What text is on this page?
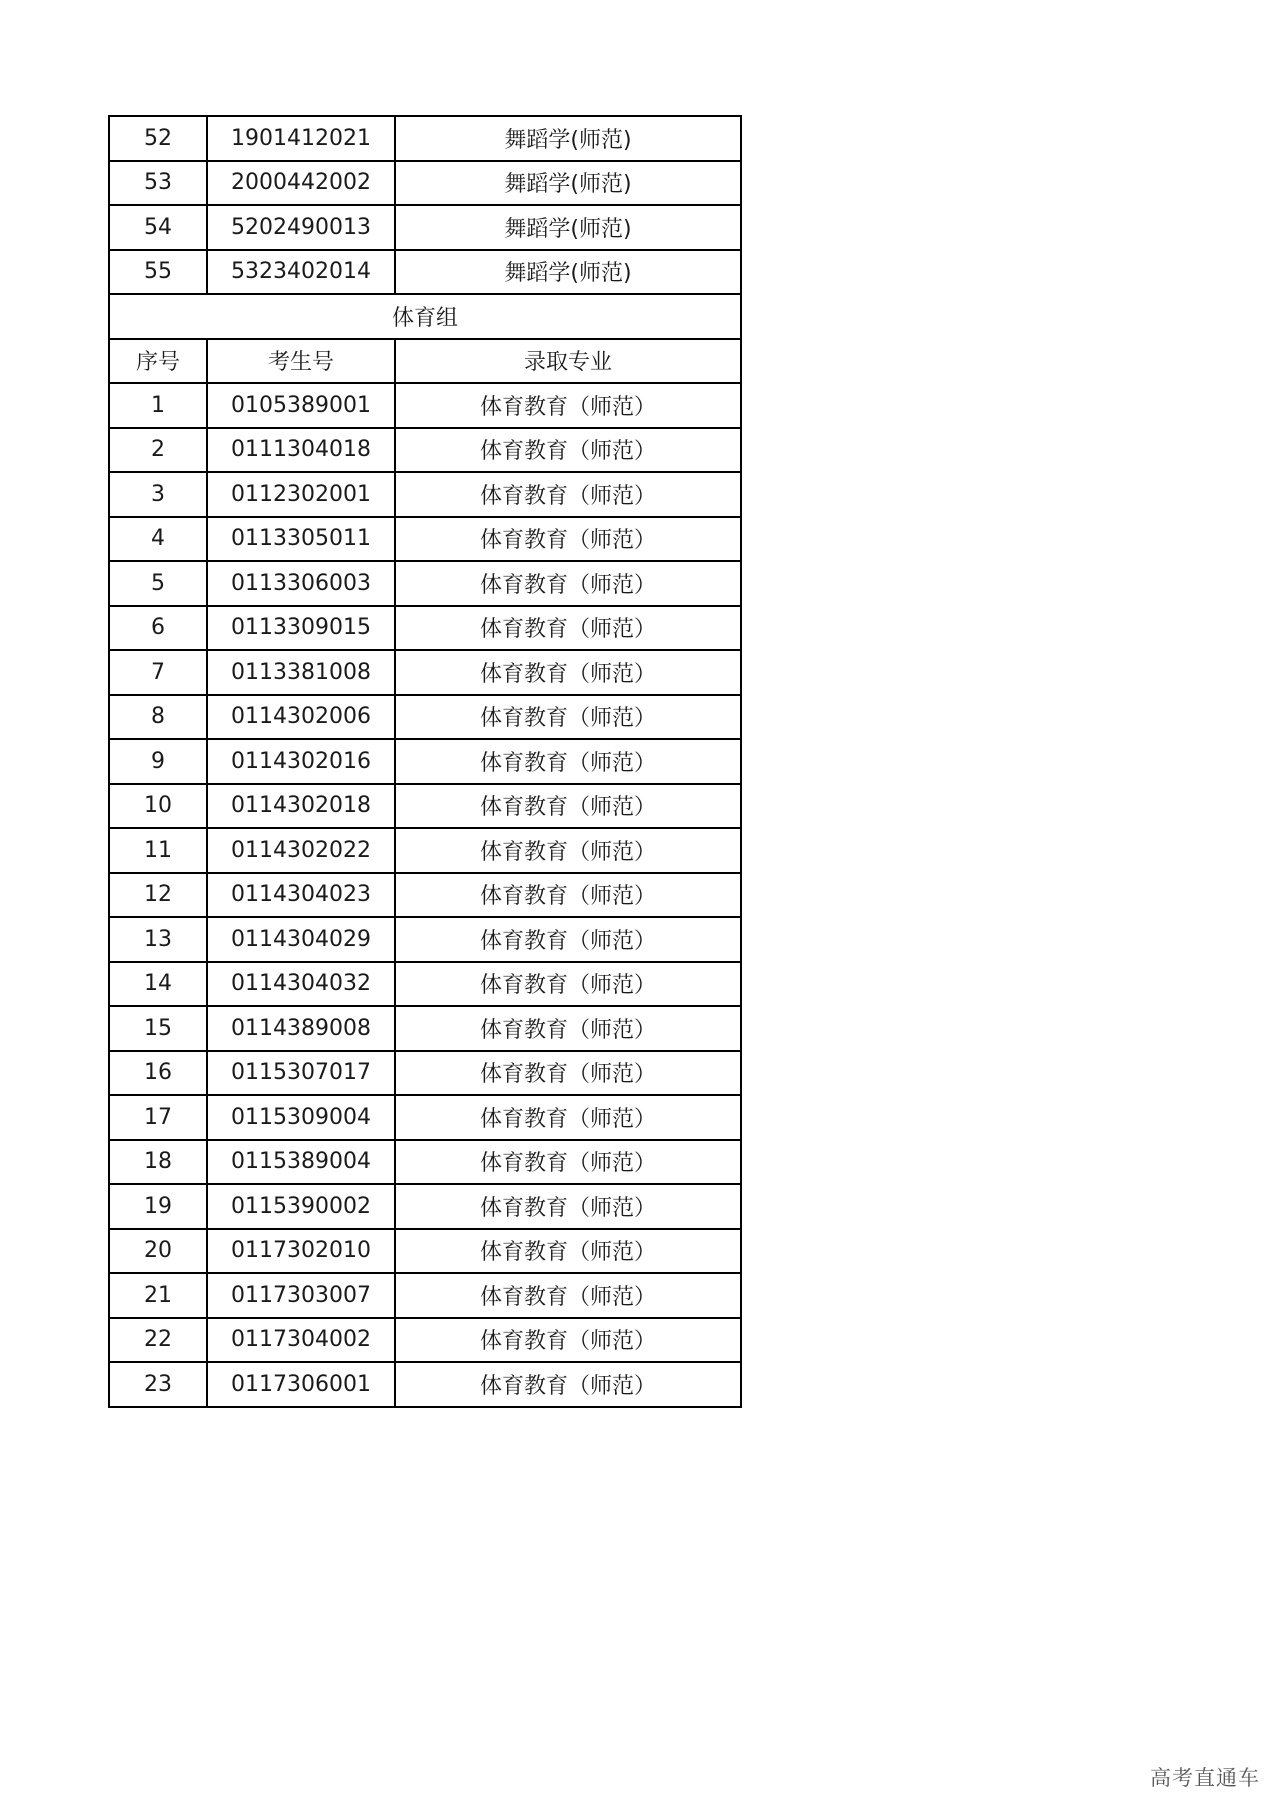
52	1901412021	舞蹈学(师范)
53	2000442002	舞蹈学(师范)
54	5202490013	舞蹈学(师范)
55	5323402014	舞蹈学(师范)
体育组		
序号	考生号	录取专业
1	0105389001	体育教育（师范）
2	0111304018	体育教育（师范）
3	0112302001	体育教育（师范）
4	0113305011	体育教育（师范）
5	0113306003	体育教育（师范）
6	0113309015	体育教育（师范）
7	0113381008	体育教育（师范）
8	0114302006	体育教育（师范）
9	0114302016	体育教育（师范）
10	0114302018	体育教育（师范）
11	0114302022	体育教育（师范）
12	0114304023	体育教育（师范）
13	0114304029	体育教育（师范）
14	0114304032	体育教育（师范）
15	0114389008	体育教育（师范）
16	0115307017	体育教育（师范）
17	0115309004	体育教育（师范）
18	0115389004	体育教育（师范）
19	0115390002	体育教育（师范）
20	0117302010	体育教育（师范）
21	0117303007	体育教育（师范）
22	0117304002	体育教育（师范）
23	0117306001	体育教育（师范）
高考直通车
